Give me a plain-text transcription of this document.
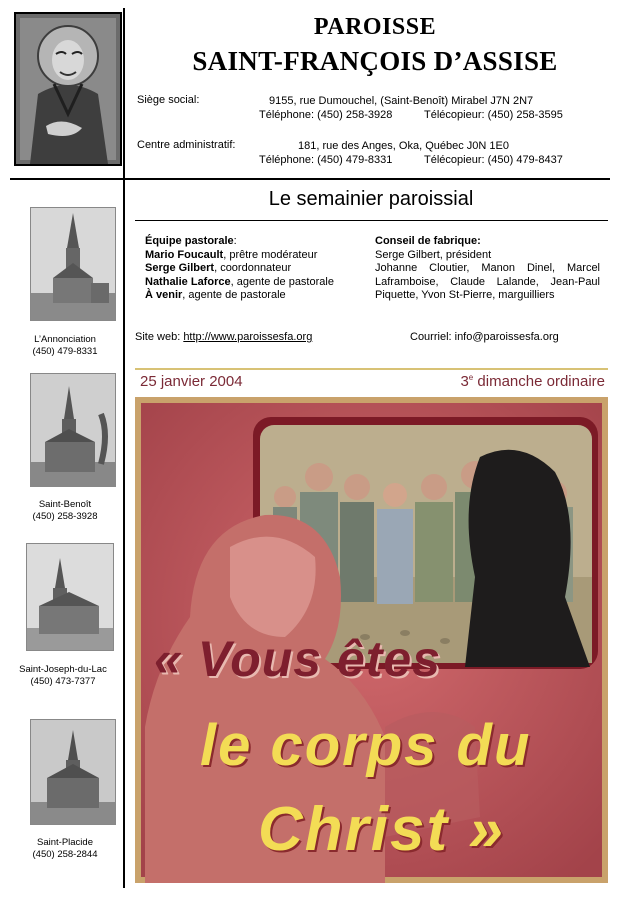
PAROISSE
SAINT-FRANÇOIS D’ASSISE
Siège social:	9155, rue Dumouchel, (Saint-Benoît) Mirabel J7N 2N7
Téléphone: (450) 258-3928	Télécopieur: (450) 258-3595
Centre administratif:	181, rue des Anges, Oka, Québec J0N 1E0
Téléphone: (450) 479-8331	Télécopieur: (450) 479-8437
Le semainier paroissial
Équipe pastorale:
Mario Foucault, prêtre modérateur
Serge Gilbert, coordonnateur
Nathalie Laforce, agente de pastorale
À venir, agente de pastorale
Conseil de fabrique:
Serge Gilbert, président
Johanne Cloutier, Manon Dinel, Marcel Laframboise, Claude Lalande, Jean-Paul Piquette, Yvon St-Pierre, marguilliers
Site web: http://www.paroissesfa.org	Courriel: info@paroissesfa.org
25 janvier 2004	3e dimanche ordinaire
« Vous êtes
le corps du
Christ »
L’Annonciation
(450) 479-8331
Saint-Benoît
(450) 258-3928
Saint-Joseph-du-Lac
(450) 473-7377
Saint-Placide
(450) 258-2844
